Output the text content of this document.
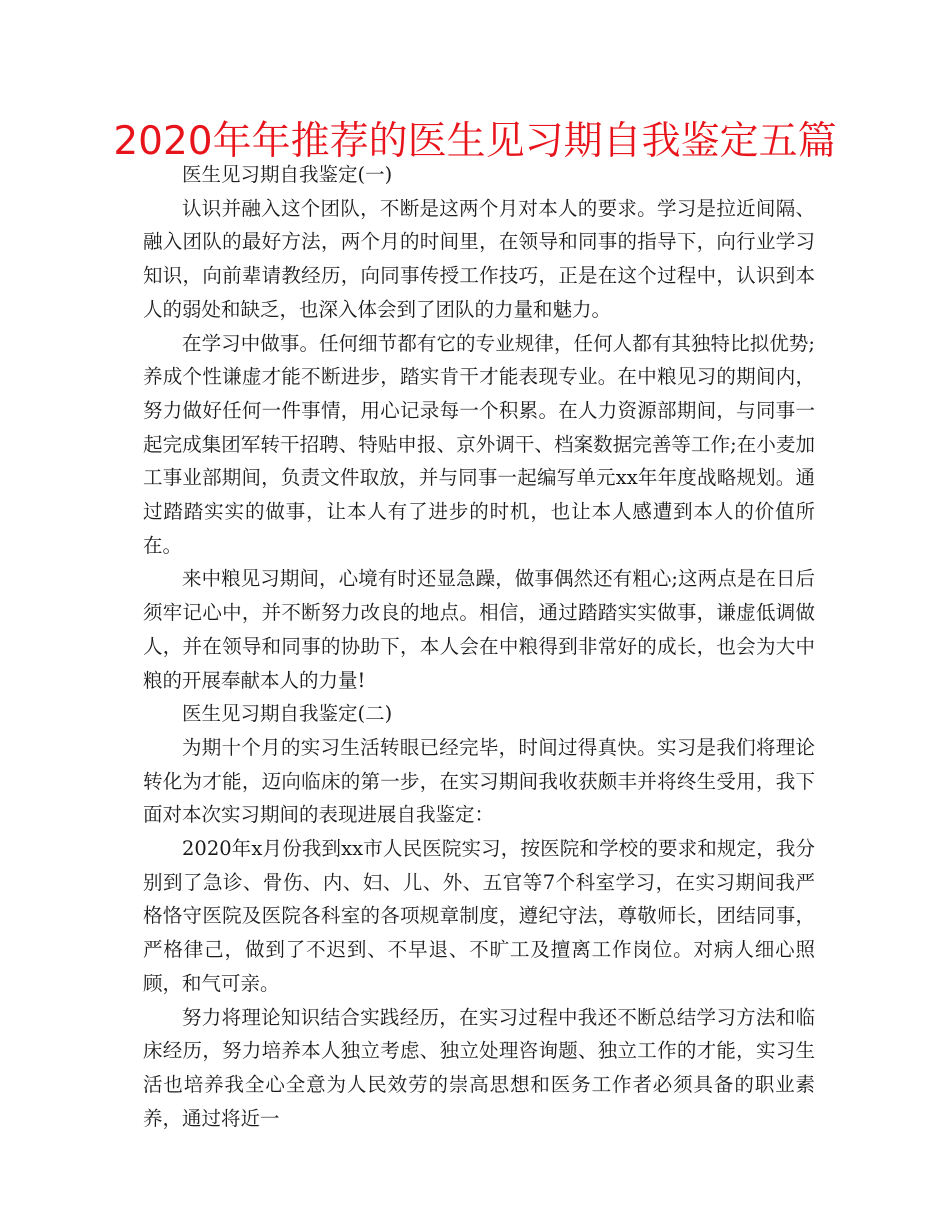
2020年年推荐的医生见习期自我鉴定五篇

医生见习期自我鉴定(一)

认识并融入这个团队，不断是这两个月对本人的要求。学习是拉近间隔、融入团队的最好方法，两个月的时间里，在领导和同事的指导下，向行业学习知识，向前辈请教经历，向同事传授工作技巧，正是在这个过程中，认识到本人的弱处和缺乏，也深入体会到了团队的力量和魅力。

在学习中做事。任何细节都有它的专业规律，任何人都有其独特比拟优势;养成个性谦虚才能不断进步，踏实肯干才能表现专业。在中粮见习的期间内，努力做好任何一件事情，用心记录每一个积累。在人力资源部期间，与同事一起完成集团军转干招聘、特贴申报、京外调干、档案数据完善等工作;在小麦加工事业部期间，负责文件取放，并与同事一起编写单元xx年年度战略规划。通过踏踏实实的做事，让本人有了进步的时机，也让本人感遭到本人的价值所在。

来中粮见习期间，心境有时还显急躁，做事偶然还有粗心;这两点是在日后须牢记心中，并不断努力改良的地点。相信，通过踏踏实实做事，谦虚低调做人，并在领导和同事的协助下，本人会在中粮得到非常好的成长，也会为大中粮的开展奉献本人的力量!

医生见习期自我鉴定(二)

为期十个月的实习生活转眼已经完毕，时间过得真快。实习是我们将理论转化为才能，迈向临床的第一步，在实习期间我收获颇丰并将终生受用，我下面对本次实习期间的表现进展自我鉴定：

2020年x月份我到xx市人民医院实习，按医院和学校的要求和规定，我分别到了急诊、骨伤、内、妇、儿、外、五官等7个科室学习，在实习期间我严格恪守医院及医院各科室的各项规章制度，遵纪守法，尊敬师长，团结同事，严格律己，做到了不迟到、不早退、不旷工及擅离工作岗位。对病人细心照顾，和气可亲。

努力将理论知识结合实践经历，在实习过程中我还不断总结学习方法和临床经历，努力培养本人独立考虑、独立处理咨询题、独立工作的才能，实习生活也培养我全心全意为人民效劳的崇高思想和医务工作者必须具备的职业素养，通过将近一
